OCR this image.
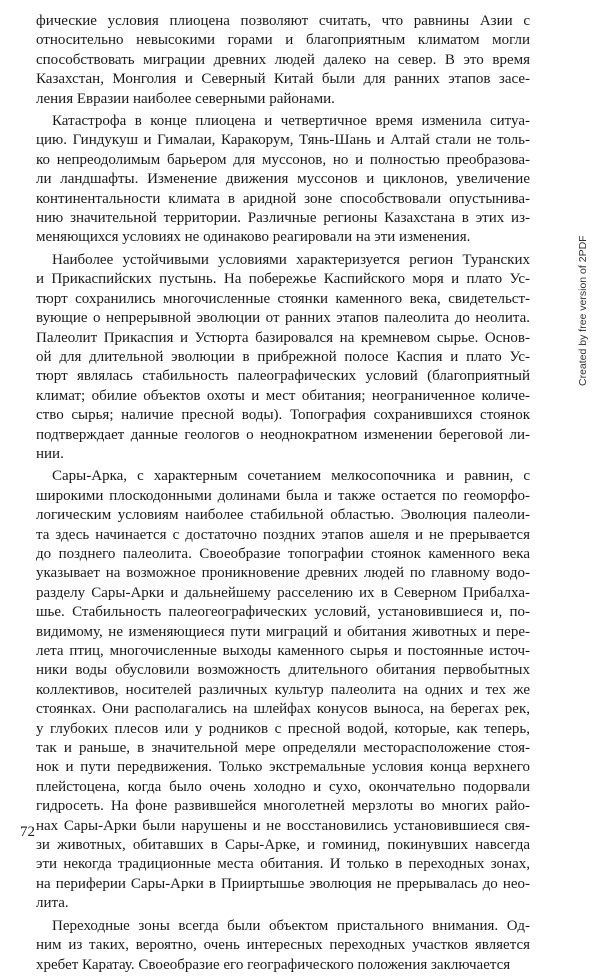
фические условия плиоцена позволяют считать, что равнины Азии с
относительно невысокими горами и благоприятным климатом могли
способствовать миграции древних людей далеко на север. В это время
Казахстан, Монголия и Северный Китай были для ранних этапов засе-
ления Евразии наиболее северными районами.
Катастрофа в конце плиоцена и четвертичное время изменила ситуа-
цию. Гиндукуш и Гималаи, Каракорум, Тянь-Шань и Алтай стали не толь-
ко непреодолимым барьером для муссонов, но и полностью преобразова-
ли ландшафты. Изменение движения муссонов и циклонов, увеличение
континентальности климата в аридной зоне способствовали опустынива-
нию значительной территории. Различные регионы Казахстана в этих из-
меняющихся условиях не одинаково реагировали на эти изменения.
Наиболее устойчивыми условиями характеризуется регион Туранских
и Прикаспийских пустынь. На побережье Каспийского моря и плато Ус-
тюрт сохранились многочисленные стоянки каменного века, свидетельст-
вующие о непрерывной эволюции от ранних этапов палеолита до неолита.
Палеолит Прикаспия и Устюрта базировался на кремневом сырье. Основ-
ой для длительной эволюции в прибрежной полосе Каспия и плато Ус-
тюрт являлась стабильность палеографических условий (благоприятный
климат; обилие объектов охоты и мест обитания; неограниченное количе-
ство сырья; наличие пресной воды). Топография сохранившихся стоянок
подтверждает данные геологов о неоднократном изменении береговой ли-
нии.
Сары-Арка, с характерным сочетанием мелкосопочника и равнин, с
широкими плоскодонными долинами была и также остается по геоморфо-
логическим условиям наиболее стабильной областью. Эволюция палеоли-
та здесь начинается с достаточно поздних этапов ашеля и не прерывается
до позднего палеолита. Своеобразие топографии стоянок каменного века
указывает на возможное проникновение древних людей по главному водо-
разделу Сары-Арки и дальнейшему расселению их в Северном Прибалха-
шье. Стабильность палеогеографических условий, установившиеся и, по-
видимому, не изменяющиеся пути миграций и обитания животных и пере-
лета птиц, многочисленные выходы каменного сырья и постоянные источ-
ники воды обусловили возможность длительного обитания первобытных
коллективов, носителей различных культур палеолита на одних и тех же
стоянках. Они располагались на шлейфах конусов выноса, на берегах рек,
у глубоких плесов или у родников с пресной водой, которые, как теперь,
так и раньше, в значительной мере определяли месторасположение стоя-
нок и пути передвижения. Только экстремальные условия конца верхнего
плейстоцена, когда было очень холодно и сухо, окончательно подорвали
гидросеть. На фоне развившейся многолетней мерзлоты во многих райо-
нах Сары-Арки были нарушены и не восстановились установившиеся свя-
зи животных, обитавших в Сары-Арке, и гоминид, покинувших навсегда
эти некогда традиционные места обитания. И только в переходных зонах,
на периферии Сары-Арки в Прииртышье эволюция не прерывалась до нео-
лита.
Переходные зоны всегда были объектом пристального внимания. Од-
ним из таких, вероятно, очень интересных переходных участков является
хребет Каратау. Своеобразие его географического положения заключается
Created by free version of 2PDF
72
